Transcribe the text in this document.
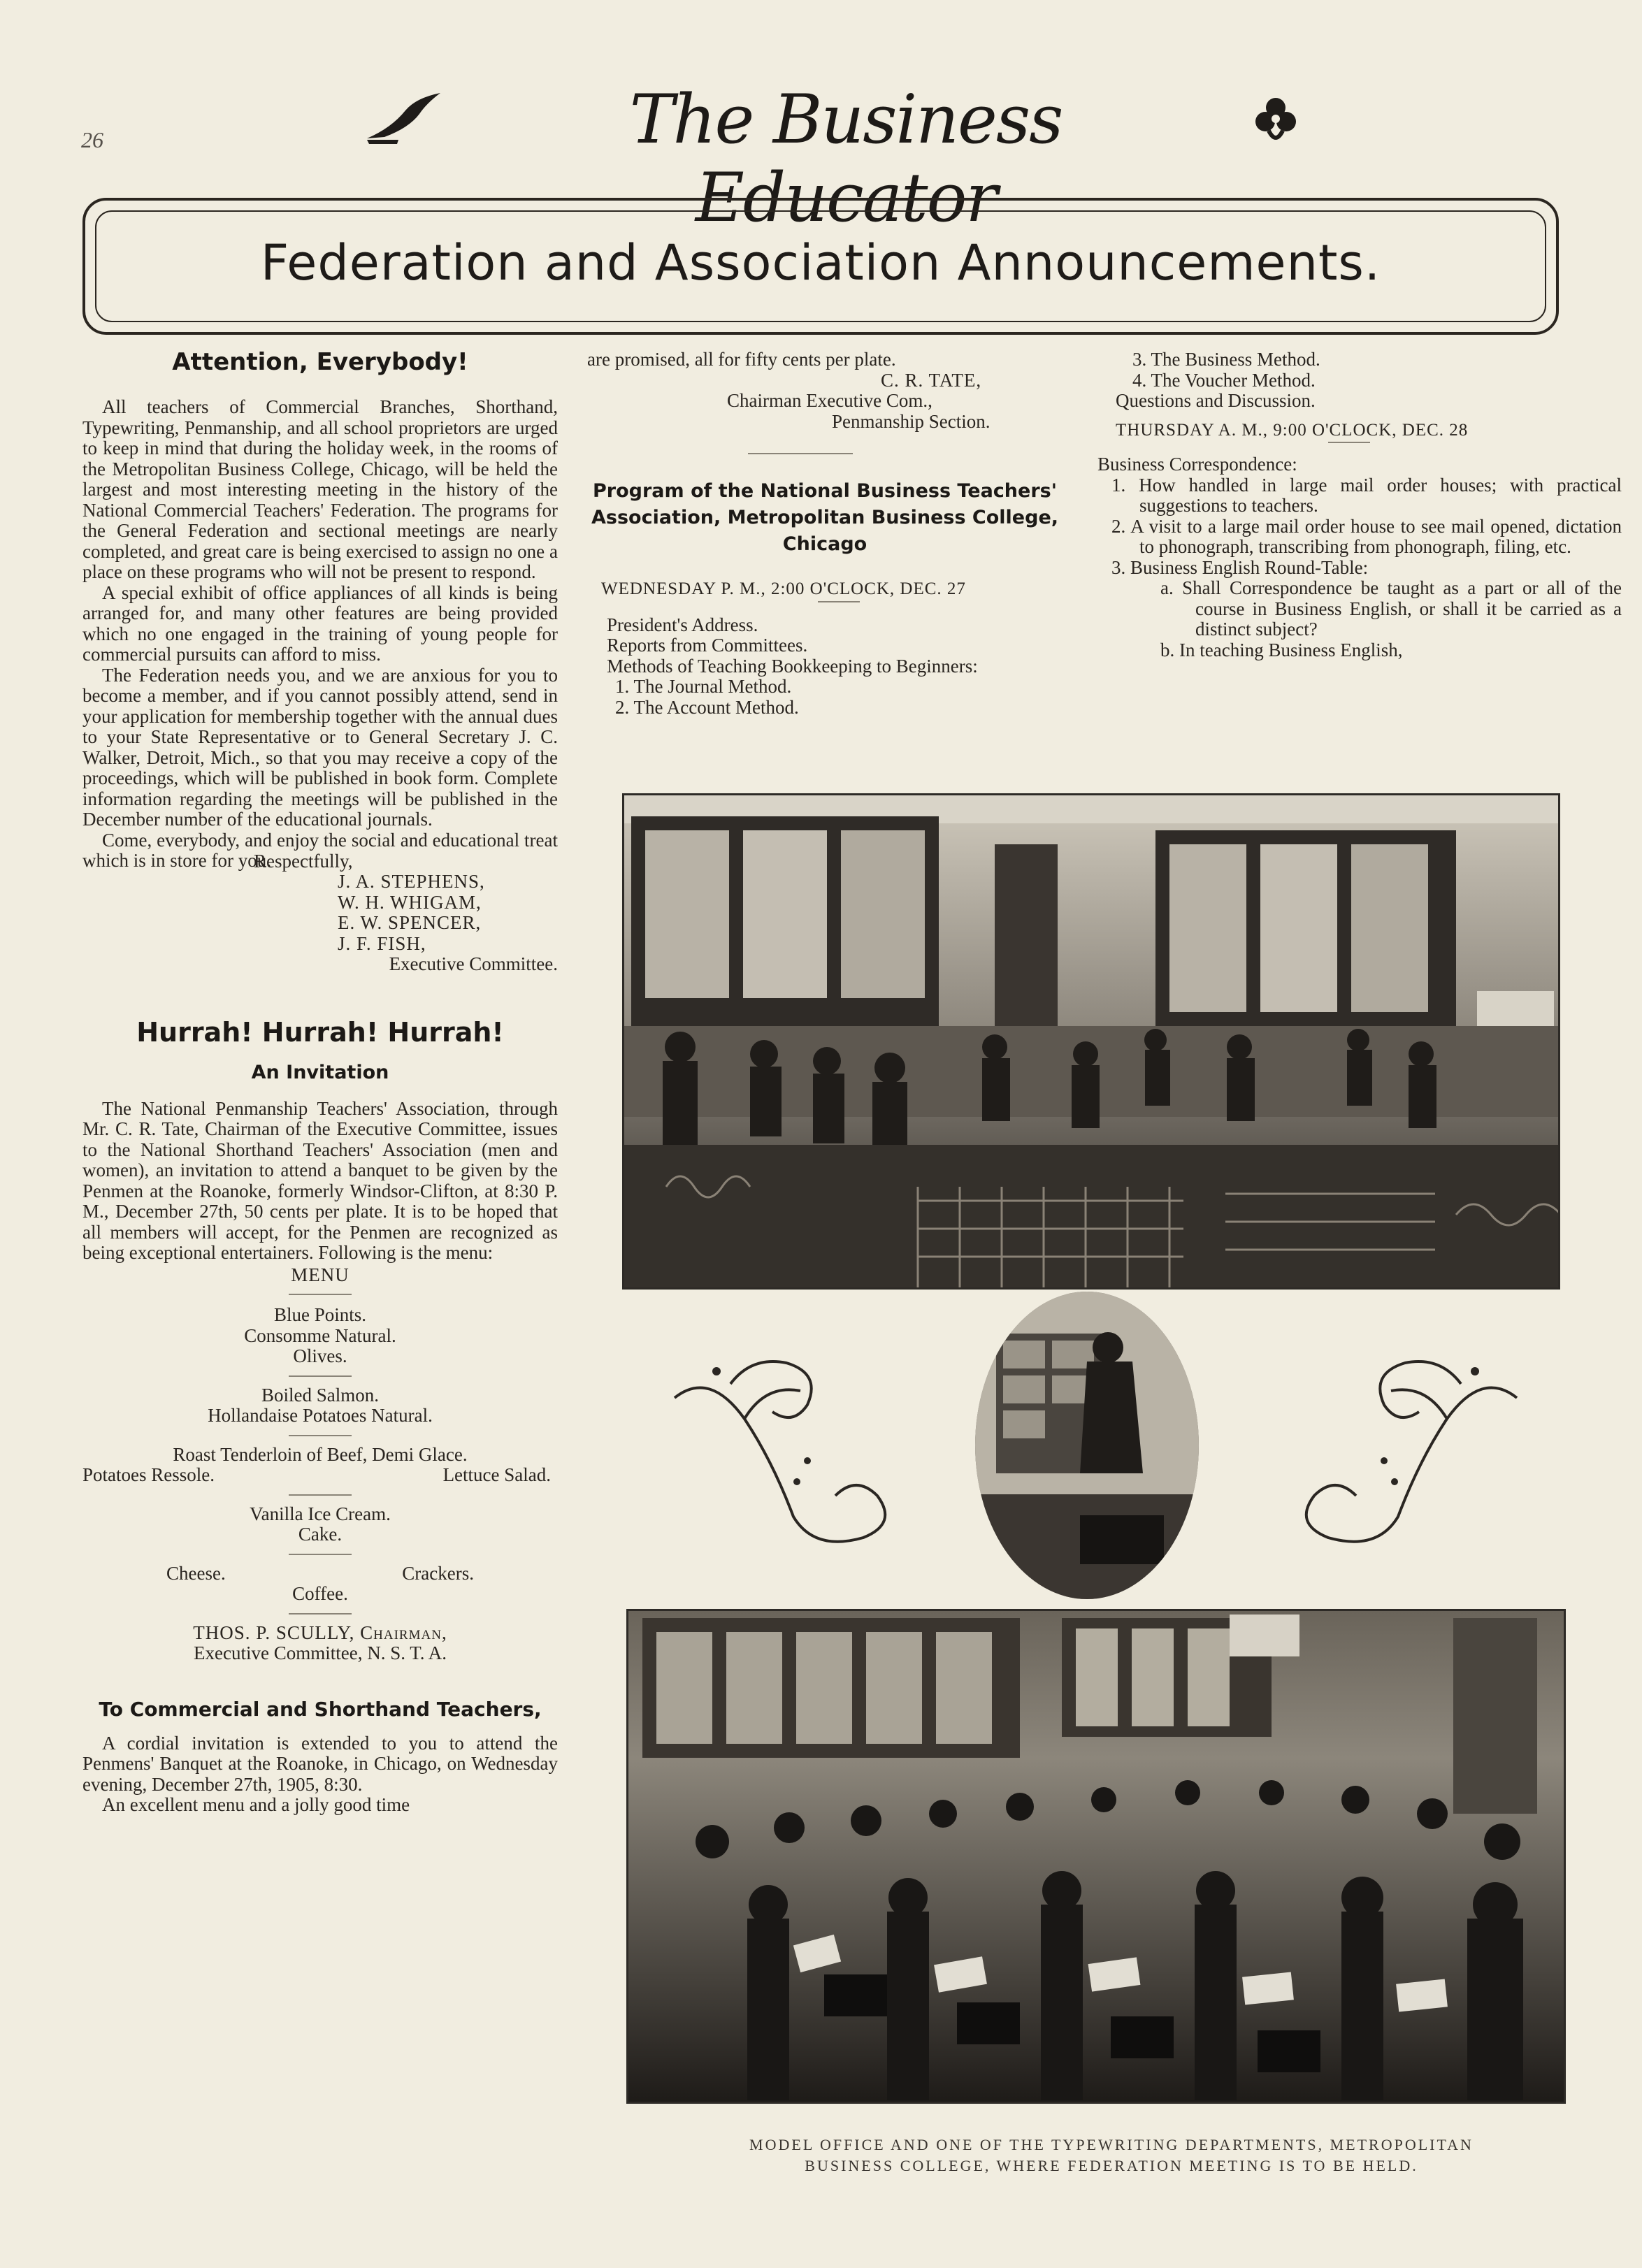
26	The Business Educator
Federation and Association Announcements.
Attention, Everybody!

All teachers of Commercial Branches, Shorthand, Typewriting, Penmanship, and all school proprietors are urged to keep in mind that during the holiday week, in the rooms of the Metropolitan Business College, Chicago, will be held the largest and most interesting meeting in the history of the National Commercial Teachers' Federation. The programs for the General Federation and sectional meetings are nearly completed, and great care is being exercised to assign no one a place on these programs who will not be present to respond.

A special exhibit of office appliances of all kinds is being arranged for, and many other features are being provided which no one engaged in the training of young people for commercial pursuits can afford to miss.

The Federation needs you, and we are anxious for you to become a member, and if you cannot possibly attend, send in your application for membership together with the annual dues to your State Representative or to General Secretary J. C. Walker, Detroit, Mich., so that you may receive a copy of the proceedings, which will be published in book form. Complete information regarding the meetings will be published in the December number of the educational journals.

Come, everybody, and enjoy the social and educational treat which is in store for you.

Respectfully,
J. A. STEPHENS,
W. H. WHIGAM,
E. W. SPENCER,
J. F. FISH,
Executive Committee.
Hurrah! Hurrah! Hurrah!
An Invitation

The National Penmanship Teachers' Association, through Mr. C. R. Tate, Chairman of the Executive Committee, issues to the National Shorthand Teachers' Association (men and women), an invitation to attend a banquet to be given by the Penmen at the Roanoke, formerly Windsor-Clifton, at 8:30 P. M., December 27th, 50 cents per plate. It is to be hoped that all members will accept, for the Penmen are recognized as being exceptional entertainers. Following is the menu:

MENU
Blue Points.
Consomme Natural.
Olives.
Boiled Salmon.
Hollandaise Potatoes Natural.
Roast Tenderloin of Beef, Demi Glace.
Potatoes Ressole.	Lettuce Salad.
Vanilla Ice Cream.
Cake.
Cheese.	Crackers.
Coffee.
THOS. P. SCULLY, Chairman,
Executive Committee, N. S. T. A.
To Commercial and Shorthand Teachers,

A cordial invitation is extended to you to attend the Penmens' Banquet at the Roanoke, in Chicago, on Wednesday evening, December 27th, 1905, 8:30.

An excellent menu and a jolly good time

are promised, all for fifty cents per plate.
C. R. TATE,
Chairman Executive Com.,
Penmanship Section.
Program of the National Business Teachers' Association, Metropolitan Business College, Chicago
WEDNESDAY P. M., 2:00 O'CLOCK, DEC. 27
President's Address.
Reports from Committees.

Methods of Teaching Bookkeeping to Beginners:

1. The Journal Method.
2. The Account Method.
3. The Business Method.
4. The Voucher Method.
Questions and Discussion.
THURSDAY A. M., 9:00 O'CLOCK, DEC. 28
Business Correspondence:

1. How handled in large mail order houses; with practical suggestions to teachers.

2. A visit to a large mail order house to see mail opened, dictation to phonograph, transcribing from phonograph, filing, etc.

3. Business English Round-Table:

a. Shall Correspondence be taught as a part or all of the course in Business English, or shall it be carried as a distinct subject?

b. In teaching Business English,

MODEL OFFICE AND ONE OF THE TYPEWRITING DEPARTMENTS, METROPOLITAN
BUSINESS COLLEGE, WHERE FEDERATION MEETING IS TO BE HELD.
